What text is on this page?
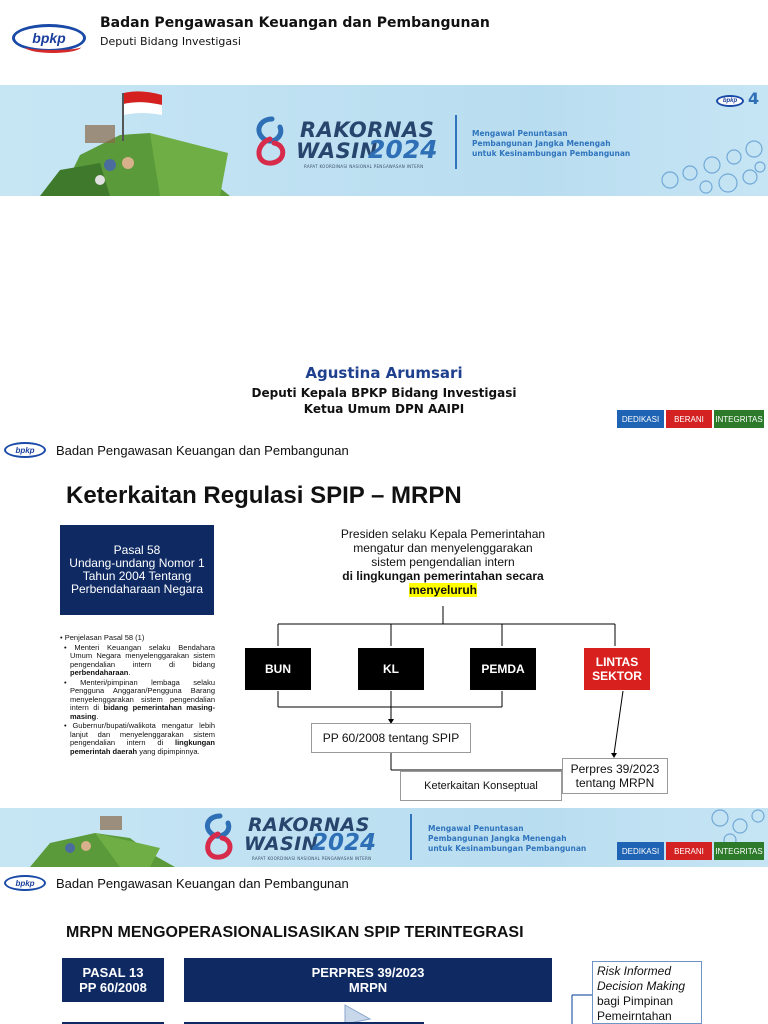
bpkp
Badan Pengawasan Keuangan dan Pembangunan
Deputi Bidang Investigasi
RAKORNAS
WASIN
2024
RAPAT KOORDINASI NASIONAL PENGAWASAN INTERN
Mengawal Penuntasan
Pembangunan Jangka Menengah
untuk Kesinambungan Pembangunan
bpkp 4
Agustina Arumsari
Deputi Kepala BPKP Bidang Investigasi
Ketua Umum DPN AAIPI
DEDIKASI	BERANI	INTEGRITAS
bpkp Badan Pengawasan Keuangan dan Pembangunan
Keterkaitan Regulasi SPIP – MRPN
Pasal 58
Undang-undang Nomor 1
Tahun 2004 Tentang
Perbendaharaan Negara
• Penjelasan Pasal 58 (1)
• Menteri Keuangan selaku Bendahara Umum Negara menyelenggarakan sistem pengendalian intern di bidang perbendaharaan.
• Menteri/pimpinan lembaga selaku Pengguna Anggaran/Pengguna Barang menyelenggarakan sistem pengendalian intern di bidang pemerintahan masing-masing.
• Gubernur/bupati/walikota mengatur lebih lanjut dan menyelenggarakan sistem pengendalian intern di lingkungan pemerintah daerah yang dipimpinnya.
Presiden selaku Kepala Pemerintahan
mengatur dan menyelenggarakan
sistem pengendalian intern
di lingkungan pemerintahan secara
menyeluruh
BUN	KL	PEMDA	LINTAS
SEKTOR
PP 60/2008 tentang SPIP
Perpres 39/2023
tentang MRPN
Keterkaitan Konseptual
RAKORNAS
WASIN
2024
RAPAT KOORDINASI NASIONAL PENGAWASAN INTERN
Mengawal Penuntasan
Pembangunan Jangka Menengah
untuk Kesinambungan Pembangunan	DEDIKASI	BERANI	INTEGRITAS
bpkp Badan Pengawasan Keuangan dan Pembangunan
MRPN MENGOPERASIONALISASIKAN SPIP TERINTEGRASI
PASAL 13
PP 60/2008
PERPRES 39/2023
MRPN
Risk Informed
Decision Making
bagi Pimpinan
Pemeirntahan
